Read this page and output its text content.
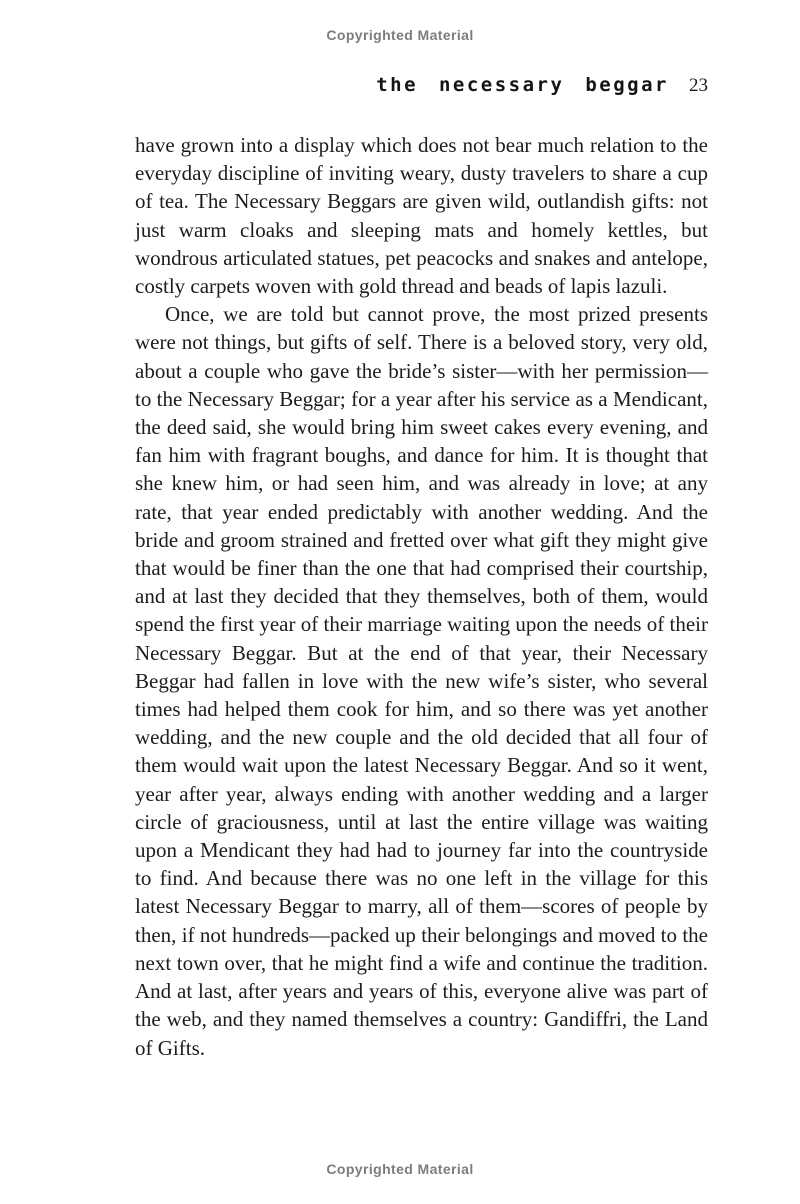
Copyrighted Material
the necessary beggar 23

have grown into a display which does not bear much relation to the everyday discipline of inviting weary, dusty travelers to share a cup of tea. The Necessary Beggars are given wild, outlandish gifts: not just warm cloaks and sleeping mats and homely kettles, but wondrous articulated statues, pet peacocks and snakes and antelope, costly carpets woven with gold thread and beads of lapis lazuli.

Once, we are told but cannot prove, the most prized presents were not things, but gifts of self. There is a beloved story, very old, about a couple who gave the bride’s sister—with her permission—to the Necessary Beggar; for a year after his service as a Mendicant, the deed said, she would bring him sweet cakes every evening, and fan him with fragrant boughs, and dance for him. It is thought that she knew him, or had seen him, and was already in love; at any rate, that year ended predictably with another wedding. And the bride and groom strained and fretted over what gift they might give that would be finer than the one that had comprised their courtship, and at last they decided that they themselves, both of them, would spend the first year of their marriage waiting upon the needs of their Necessary Beggar. But at the end of that year, their Necessary Beggar had fallen in love with the new wife’s sister, who several times had helped them cook for him, and so there was yet another wedding, and the new couple and the old decided that all four of them would wait upon the latest Necessary Beggar. And so it went, year after year, always ending with another wedding and a larger circle of graciousness, until at last the entire village was waiting upon a Mendicant they had had to journey far into the countryside to find. And because there was no one left in the village for this latest Necessary Beggar to marry, all of them—scores of people by then, if not hundreds—packed up their belongings and moved to the next town over, that he might find a wife and continue the tradition. And at last, after years and years of this, everyone alive was part of the web, and they named themselves a country: Gandiffri, the Land of Gifts.

Copyrighted Material
